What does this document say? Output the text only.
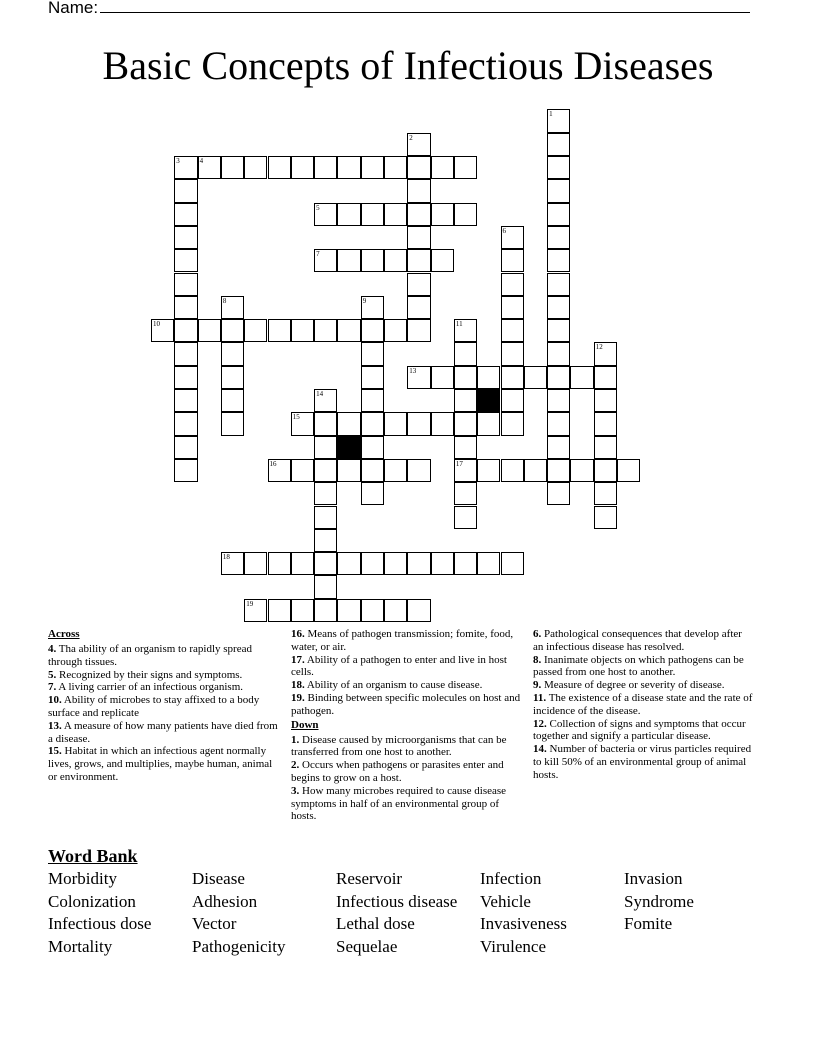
Name:
Basic Concepts of Infectious Diseases
4
5
7
10
13
15
16	17
18
19
1
2
3
6
8	9
11
12
14
Across

4. Tha ability of an organism to rapidly spread through tissues.

5. Recognized by their signs and symptoms.

7. A living carrier of an infectious organism.

10. Ability of microbes to stay affixed to a body surface and replicate

13. A measure of how many patients have died from a disease.

15. Habitat in which an infectious agent normally lives, grows, and multiplies, maybe human, animal or environment.

16. Means of pathogen transmission; fomite, food, water, or air.

17. Ability of a pathogen to enter and live in host cells.

18. Ability of an organism to cause disease.

19. Binding between specific molecules on host and pathogen.

Down

1. Disease caused by microorganisms that can be transferred from one host to another.

2. Occurs when pathogens or parasites enter and begins to grow on a host.

3. How many microbes required to cause disease symptoms in half of an environmental group of hosts.

6. Pathological consequences that develop after an infectious disease has resolved.

8. Inanimate objects on which pathogens can be passed from one host to another.

9. Measure of degree or severity of disease.

11. The existence of a disease state and the rate of incidence of the disease.

12. Collection of signs and symptoms that occur together and signify a particular disease.

14. Number of bacteria or virus particles required to kill 50% of an environmental group of animal hosts.

Word Bank
Morbidity	Disease	Reservoir	Infection	Invasion
Colonization	Adhesion	Infectious disease	Vehicle	Syndrome
Infectious dose	Vector	Lethal dose	Invasiveness	Fomite
Mortality	Pathogenicity	Sequelae	Virulence
